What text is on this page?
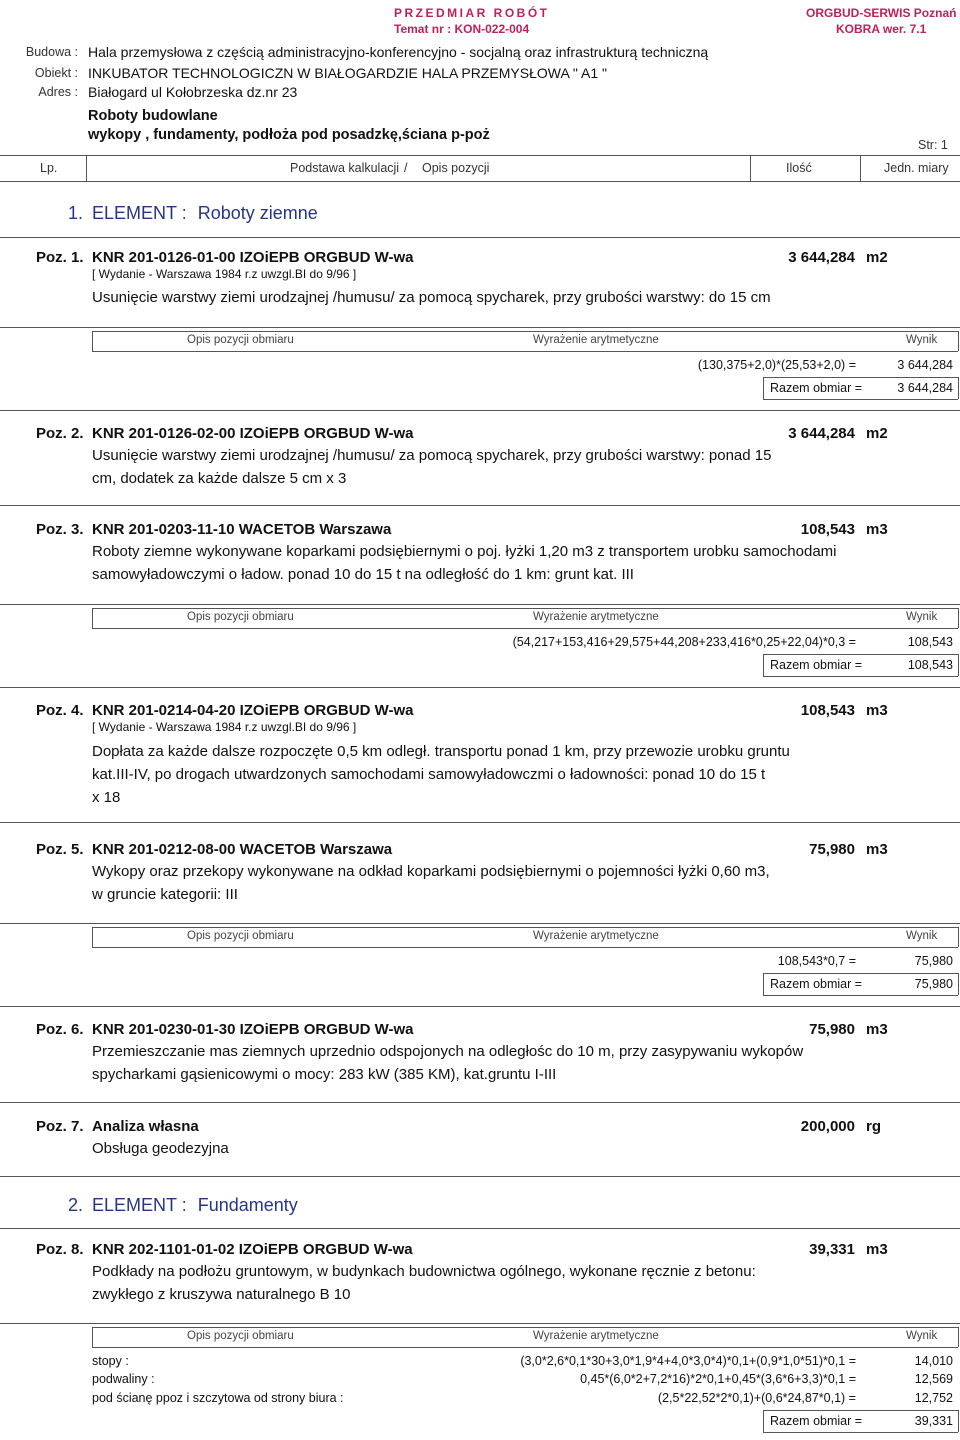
PRZEDMIAR ROBÓT
Temat nr : KON-022-004
ORGBUD-SERWIS Poznań
KOBRA wer. 7.1
Budowa : Hala przemysłowa z częścią administracyjno-konferencyjno - socjalną oraz infrastrukturą techniczną
Obiekt : INKUBATOR TECHNOLOGICZN W BIAŁOGARDZIE HALA PRZEMYSŁOWA " A1 "
Adres : Białogard ul Kołobrzeska dz.nr 23
Roboty budowlane
wykopy , fundamenty, podłoża pod posadzkę,ściana p-poż
Str: 1
Lp.	Podstawa kalkulacji / Opis pozycji	Ilość	Jedn. miary
1. ELEMENT : Roboty ziemne
Poz. 1. KNR 201-0126-01-00 IZOiEPB ORGBUD W-wa	3 644,284 m2
[ Wydanie - Warszawa 1984 r.z uwzgl.BI do 9/96 ]
Usunięcie warstwy ziemi urodzajnej /humusu/ za pomocą spycharek, przy grubości warstwy: do 15 cm
Opis pozycji obmiaru	Wyrażenie arytmetyczne	Wynik
(130,375+2,0)*(25,53+2,0) =	3 644,284
Razem obmiar =	3 644,284
Poz. 2. KNR 201-0126-02-00 IZOiEPB ORGBUD W-wa	3 644,284 m2
Usunięcie warstwy ziemi urodzajnej /humusu/ za pomocą spycharek, przy grubości warstwy: ponad 15
cm, dodatek za każde dalsze 5 cm x 3
Poz. 3. KNR 201-0203-11-10 WACETOB Warszawa	108,543 m3
Roboty ziemne wykonywane koparkami podsiębiernymi o poj. łyżki 1,20 m3 z transportem urobku samochodami
samowyładowczymi o ładow. ponad 10 do 15 t na odległość do 1 km: grunt kat. III
Opis pozycji obmiaru	Wyrażenie arytmetyczne	Wynik
(54,217+153,416+29,575+44,208+233,416*0,25+22,04)*0,3 =	108,543
Razem obmiar =	108,543
Poz. 4. KNR 201-0214-04-20 IZOiEPB ORGBUD W-wa	108,543 m3
[ Wydanie - Warszawa 1984 r.z uwzgl.BI do 9/96 ]
Dopłata za każde dalsze rozpoczęte 0,5 km odległ. transportu ponad 1 km, przy przewozie urobku gruntu
kat.III-IV, po drogach utwardzonych samochodami samowyładowczmi o ładowności: ponad 10 do 15 t
x 18
Poz. 5. KNR 201-0212-08-00 WACETOB Warszawa	75,980 m3
Wykopy oraz przekopy wykonywane na odkład koparkami podsiębiernymi o pojemności łyżki 0,60 m3,
w gruncie kategorii: III
Opis pozycji obmiaru	Wyrażenie arytmetyczne	Wynik
108,543*0,7 =	75,980
Razem obmiar =	75,980
Poz. 6. KNR 201-0230-01-30 IZOiEPB ORGBUD W-wa	75,980 m3
Przemieszczanie mas ziemnych uprzednio odspojonych na odległośc do 10 m, przy zasypywaniu wykopów
spycharkami gąsienicowymi o mocy: 283 kW (385 KM), kat.gruntu I-III
Poz. 7. Analiza własna	200,000 rg
Obsługa geodezyjna
2. ELEMENT : Fundamenty
Poz. 8. KNR 202-1101-01-02 IZOiEPB ORGBUD W-wa	39,331 m3
Podkłady na podłożu gruntowym, w budynkach budownictwa ogólnego, wykonane ręcznie z betonu:
zwykłego z kruszywa naturalnego B 10
Opis pozycji obmiaru	Wyrażenie arytmetyczne	Wynik
stopy :	(3,0*2,6*0,1*30+3,0*1,9*4+4,0*3,0*4)*0,1+(0,9*1,0*51)*0,1 =	14,010
podwaliny :	0,45*(6,0*2+7,2*16)*2*0,1+0,45*(3,6*6+3,3)*0,1 =	12,569
pod ścianę ppoz i szczytowa od strony biura :	(2,5*22,52*2*0,1)+(0,6*24,87*0,1) =	12,752
Razem obmiar =	39,331
